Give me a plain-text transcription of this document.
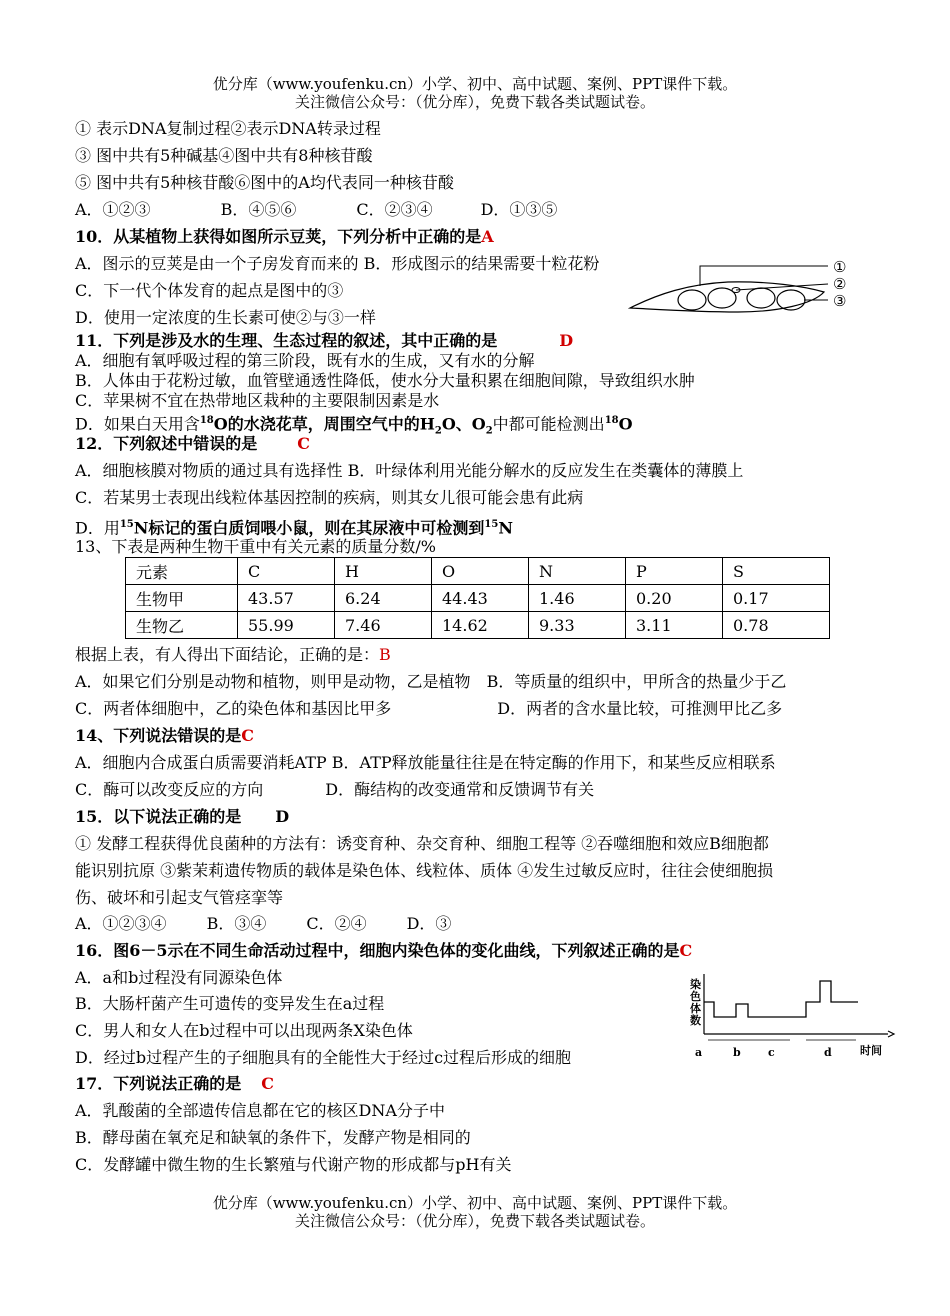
优分库（www.youfenku.cn）小学、初中、高中试题、案例、PPT课件下载。
关注微信公众号：（优分库），免费下载各类试题试卷。
① 表示DNA复制过程②表示DNA转录过程
③ 图中共有5种碱基④图中共有8种核苷酸
⑤ 图中共有5种核苷酸⑥图中的A均代表同一种核苷酸
A．①②③	B．④⑤⑥	C．②③④	D．①③⑤
10．从某植物上获得如图所示豆荚，下列分析中正确的是A
A．图示的豆荚是由一个子房发育而来的 B．形成图示的结果需要十粒花粉
C．下一代个体发育的起点是图中的③
D．使用一定浓度的生长素可使②与③一样
①
②
③
11．下列是涉及水的生理、生态过程的叙述，其中正确的是	D
A．细胞有氧呼吸过程的第三阶段，既有水的生成，又有水的分解
B．人体由于花粉过敏，血管壁通透性降低，使水分大量积累在细胞间隙，导致组织水肿
C．苹果树不宜在热带地区栽种的主要限制因素是水
D．如果白天用含$^{18}$O的水浇花草，周围空气中的$H_2O$、$O_2$中都可能检测出$^{18}$O
12．下列叙述中错误的是	C
A．细胞核膜对物质的通过具有选择性 B．叶绿体利用光能分解水的反应发生在类囊体的薄膜上
C．若某男士表现出线粒体基因控制的疾病，则其女儿很可能会患有此病
D．用$^{15}$N标记的蛋白质饲喂小鼠，则在其尿液中可检测到$^{15}$N
13、下表是两种生物干重中有关元素的质量分数/%
元素	C	H	O	N	P	S
生物甲	43.57	6.24	44.43	1.46	0.20	0.17
生物乙	55.99	7.46	14.62	9.33	3.11	0.78
根据上表，有人得出下面结论，正确的是：B
A．如果它们分别是动物和植物，则甲是动物，乙是植物 B．等质量的组织中，甲所含的热量少于乙
C．两者体细胞中，乙的染色体和基因比甲多	D．两者的含水量比较，可推测甲比乙多
14、下列说法错误的是C
A．细胞内合成蛋白质需要消耗ATP B．ATP释放能量往往是在特定酶的作用下，和某些反应相联系
C．酶可以改变反应的方向	D．酶结构的改变通常和反馈调节有关
15．以下说法正确的是 D
① 发酵工程获得优良菌种的方法有：诱变育种、杂交育种、细胞工程等 ②吞噬细胞和效应B细胞都
能识别抗原 ③紫茉莉遗传物质的载体是染色体、线粒体、质体 ④发生过敏反应时，往往会使细胞损
伤、破坏和引起支气管痉挛等
A．①②③④	B．③④	C．②④	D．③
16．图6－5示在不同生命活动过程中，细胞内染色体的变化曲线，下列叙述正确的是C
A．a和b过程没有同源染色体
B．大肠杆菌产生可遗传的变异发生在a过程
C．男人和女人在b过程中可以出现两条X染色体
D．经过b过程产生的子细胞具有的全能性大于经过c过程后形成的细胞
染
色
体
数
a	b c	d	时间
17．下列说法正确的是 C
A．乳酸菌的全部遗传信息都在它的核区DNA分子中
B．酵母菌在氧充足和缺氧的条件下，发酵产物是相同的
C．发酵罐中微生物的生长繁殖与代谢产物的形成都与pH有关
优分库（www.youfenku.cn）小学、初中、高中试题、案例、PPT课件下载。
关注微信公众号：（优分库），免费下载各类试题试卷。
